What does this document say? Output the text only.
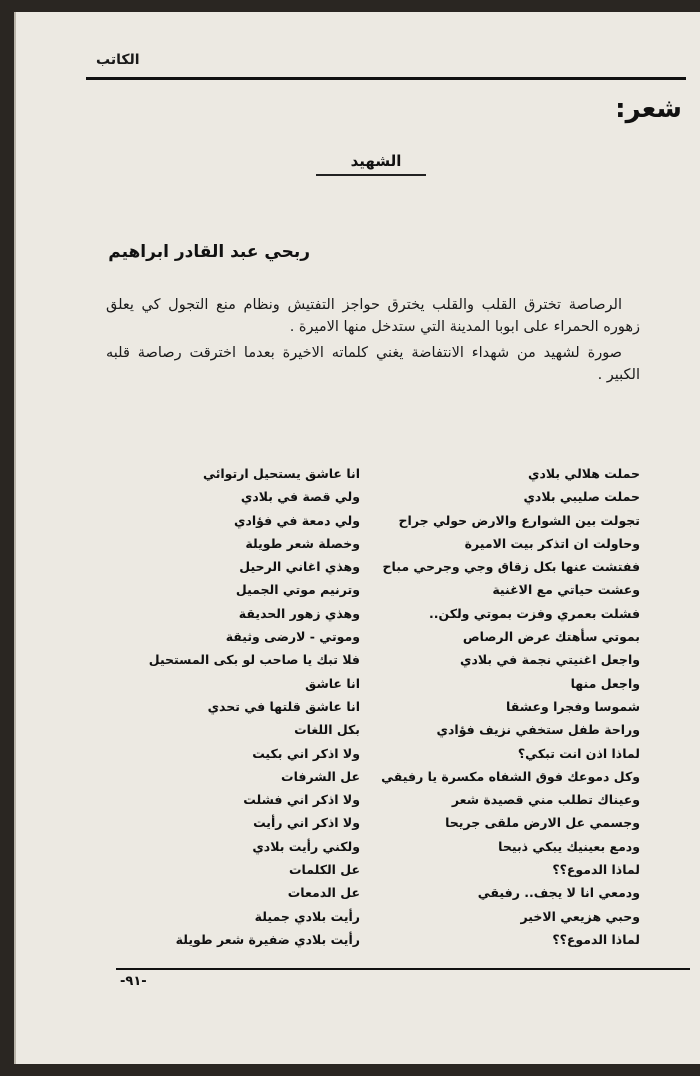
الكاتب
شعر:
الشهيد
ربحي عبد القادر ابراهيم

الرصاصة تخترق القلب والقلب يخترق حواجز التفتيش ونظام منع التجول كي يعلق زهوره الحمراء على ابوبا المدينة التي ستدخل منها الاميرة .

صورة لشهيد من شهداء الانتفاضة يغني كلماته الاخيرة بعدما اخترقت رصاصة قلبه الكبير .

حملت هلالي بلادي
حملت صليبي بلادي
تجولت بين الشوارع والارض حولي جراح
وحاولت ان اتذكر بيت الاميرة
ففتشت عنها بكل زقاق وجي وجرحي مباح
وعشت حياتي مع الاغنية
فشلت بعمري وفزت بموتي ولكن..
بموتي سأهتك عرض الرصاص
واجعل اغنيتي نجمة في بلادي
واجعل منها
شموسا وفجرا وعشقا
وراحة طفل ستخفي نزيف فؤادي
لماذا اذن انت تبكي؟
وكل دموعك فوق الشفاه مكسرة يا رفيقي
وعيناك تطلب مني قصيدة شعر
وجسمي عل الارض ملقى جريحا
ودمع بعينيك يبكي ذبيحا
لماذا الدموع؟؟
ودمعي انا لا يجف.. رفيقي
وحبي هزيعي الاخير
لماذا الدموع؟؟
انا عاشق يستحيل ارتوائي
ولي قصة في بلادي
ولي دمعة في فؤادي
وخصلة شعر طويلة
وهذي اغاني الرحيل
وترنيم موتي الجميل
وهذي زهور الحديقة
وموتي - لارضى وثيقة
فلا تبك يا صاحب لو بكى المستحيل
انا عاشق
انا عاشق قلتها في تحدي
بكل اللغات
ولا اذكر اني بكيت
عل الشرفات
ولا اذكر اني فشلت
ولا اذكر اني رأيت
ولكني رأيت بلادي
عل الكلمات
عل الدمعات
رأيت بلادي جميلة
رأيت بلادي ضفيرة شعر طويلة
-٩١-
